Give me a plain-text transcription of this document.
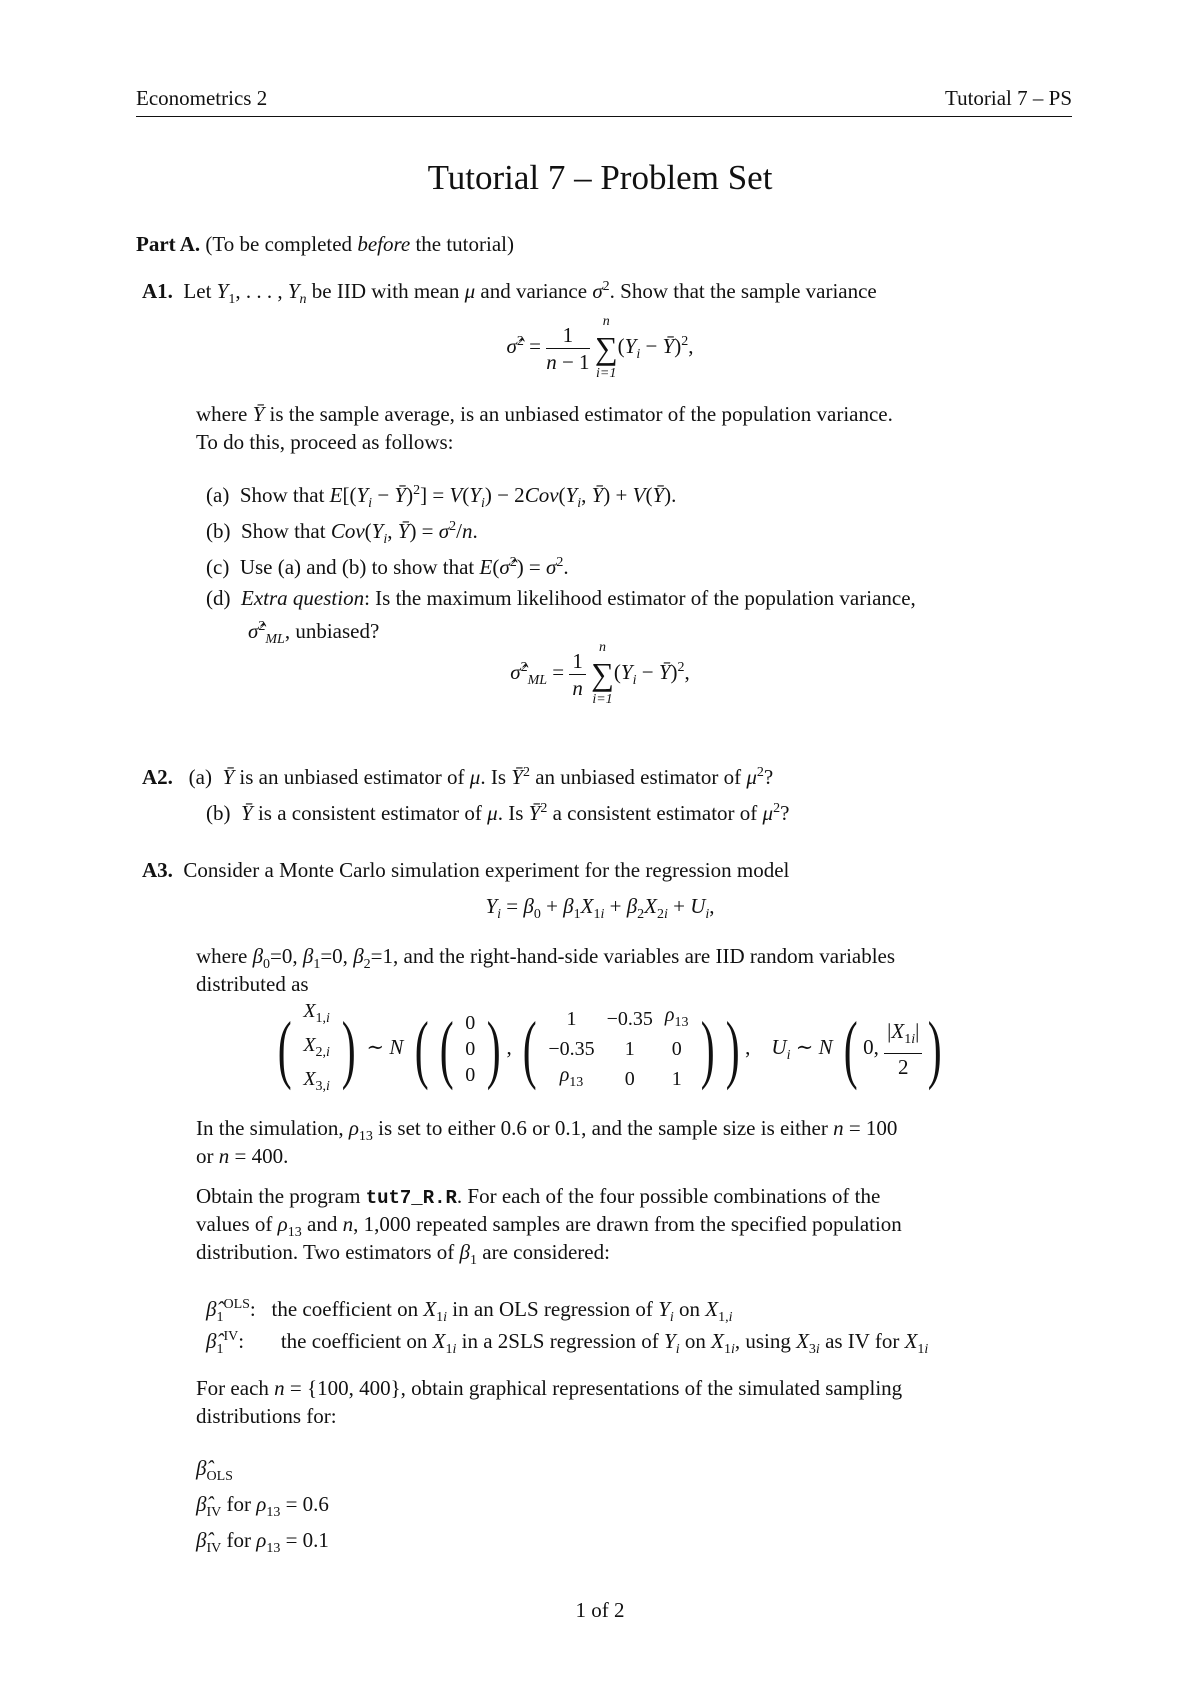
Econometrics 2	Tutorial 7 – PS
Tutorial 7 – Problem Set
Part A. (To be completed before the tutorial)
A1. Let $Y_1$, . . . , $Y_n$ be IID with mean μ and variance $\sigma^2$. Show that the sample variance
σ̂$^2$ = $\frac{1}{n - 1}$
n
∑
i=1
($Y_i$ − Ȳ)$^2$,
where Ȳ is the sample average, is an unbiased estimator of the population variance.
To do this, proceed as follows:
(a) Show that $E[(Y_i$ − Ȳ)$^2$] = $V(Y_i) - 2Cov(Y_i$, Ȳ) + V(Ȳ).
(b) Show that $Cov(Y_i$, Ȳ) = $\sigma^2/n$.
(c) Use (a) and (b) to show that E(σ̂$^2$) = $\sigma^2$.
(d) Extra question: Is the maximum likelihood estimator of the population variance,
σ̂$^2_{ML}$, unbiased?
σ̂$^2_{ML}$ = $\frac{1}{n}$
n
∑
i=1
($Y_i$ − Ȳ)$^2$,
A2. (a) Ȳ is an unbiased estimator of μ. Is $Ȳ^2$ an unbiased estimator of $\mu^2$?
(b) Ȳ is a consistent estimator of μ. Is $Ȳ^2$ a consistent estimator of $\mu^2$?
A3. Consider a Monte Carlo simulation experiment for the regression model
$Y_i = \beta_0 + \beta_1X_{1i} + \beta_2X_{2i} + U_i$,
where $\beta_0=0$, $\beta_1=0$, $\beta_2=1$, and the right-hand-side variables are IID random variables
distributed as
( $X_{1,i}$
$X_{2,i}$
$X_{3,i}$ ) ∼ N ( ( 0
0
0 ) , ( 1	−0.35	$\rho_{13}$
−0.35	1	0
$\rho_{13}$	0	1 ) ) ,    $U_i$ ∼ N ( 0, $\frac{|X_{1i}|}{2}$ )
In the simulation, $\rho_{13}$ is set to either 0.6 or 0.1, and the sample size is either n = 100
or n = 400.
Obtain the program tut7_R.R. For each of the four possible combinations of the
values of $\rho_{13}$ and n, 1,000 repeated samples are drawn from the specified population
distribution. Two estimators of $\beta_1$ are considered:
$\betâ_1^{OLS}$:   the coefficient on $X_{1i}$ in an OLS regression of $Y_i$ on $X_{1,i}$
$\betâ_1^{IV}$:       the coefficient on $X_{1i}$ in a 2SLS regression of $Y_i$ on $X_{1i}$, using $X_{3i}$ as IV for $X_{1i}$
For each n = {100, 400}, obtain graphical representations of the simulated sampling
distributions for:
$\betâ_{OLS}$
$\betâ_{IV}$ for $\rho_{13} = 0.6$
$\betâ_{IV}$ for $\rho_{13} = 0.1$
1 of 2
